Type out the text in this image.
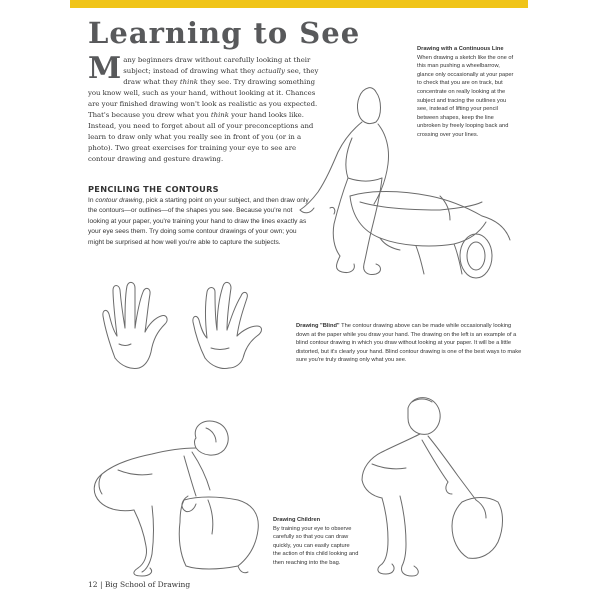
Learning to See
Many beginners draw without carefully looking at their subject; instead of drawing what they actually see, they draw what they think they see. Try drawing something you know well, such as your hand, without looking at it. Chances are your finished drawing won't look as realistic as you expected. That's because you drew what you think your hand looks like. Instead, you need to forget about all of your preconceptions and learn to draw only what you really see in front of you (or in a photo). Two great exercises for training your eye to see are contour drawing and gesture drawing.
PENCILING THE CONTOURS
In contour drawing, pick a starting point on your subject, and then draw only the contours—or outlines—of the shapes you see. Because you're not looking at your paper, you're training your hand to draw the lines exactly as your eye sees them. Try doing some contour drawings of your own; you might be surprised at how well you're able to capture the subjects.
Drawing with a Continuous Line
When drawing a sketch like the one of this man pushing a wheelbarrow, glance only occasionally at your paper to check that you are on track, but concentrate on really looking at the subject and tracing the outlines you see, instead of lifting your pencil between shapes, keep the line unbroken by freely looping back and crossing over your lines.
Drawing "Blind" The contour drawing above can be made while occasionally looking down at the paper while you draw your hand. The drawing on the left is an example of a blind contour drawing in which you draw without looking at your paper. It will be a little distorted, but it's clearly your hand. Blind contour drawing is one of the best ways to make sure you're truly drawing only what you see.
Drawing Children
By training your eye to observe carefully so that you can draw quickly, you can easily capture the action of this child looking and then reaching into the bag.
12 | Big School of Drawing
